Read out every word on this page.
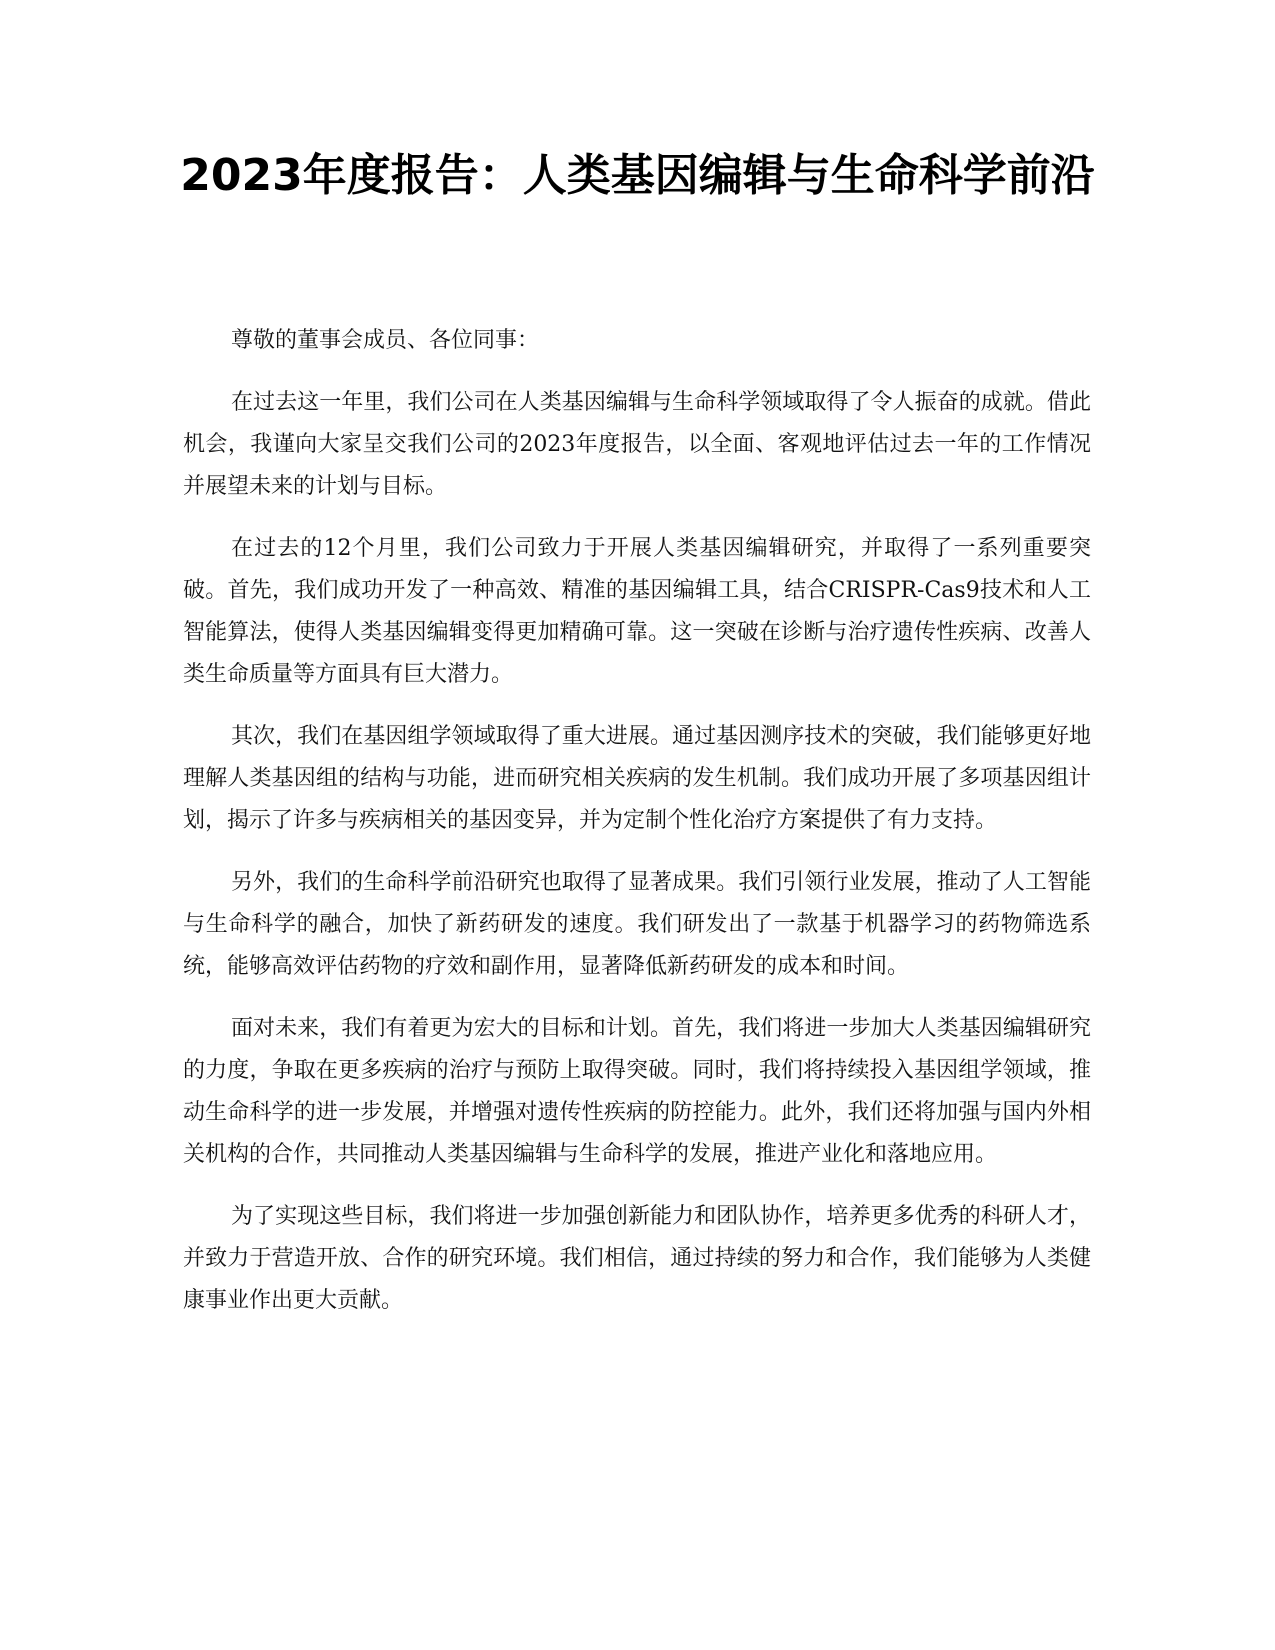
2023年度报告：人类基因编辑与生命科学前沿

尊敬的董事会成员、各位同事：

在过去这一年里，我们公司在人类基因编辑与生命科学领域取得了令人振奋的成就。借此机会，我谨向大家呈交我们公司的2023年度报告，以全面、客观地评估过去一年的工作情况并展望未来的计划与目标。

在过去的12个月里，我们公司致力于开展人类基因编辑研究，并取得了一系列重要突破。首先，我们成功开发了一种高效、精准的基因编辑工具，结合CRISPR-Cas9技术和人工智能算法，使得人类基因编辑变得更加精确可靠。这一突破在诊断与治疗遗传性疾病、改善人类生命质量等方面具有巨大潜力。

其次，我们在基因组学领域取得了重大进展。通过基因测序技术的突破，我们能够更好地理解人类基因组的结构与功能，进而研究相关疾病的发生机制。我们成功开展了多项基因组计划，揭示了许多与疾病相关的基因变异，并为定制个性化治疗方案提供了有力支持。

另外，我们的生命科学前沿研究也取得了显著成果。我们引领行业发展，推动了人工智能与生命科学的融合，加快了新药研发的速度。我们研发出了一款基于机器学习的药物筛选系统，能够高效评估药物的疗效和副作用，显著降低新药研发的成本和时间。

面对未来，我们有着更为宏大的目标和计划。首先，我们将进一步加大人类基因编辑研究的力度，争取在更多疾病的治疗与预防上取得突破。同时，我们将持续投入基因组学领域，推动生命科学的进一步发展，并增强对遗传性疾病的防控能力。此外，我们还将加强与国内外相关机构的合作，共同推动人类基因编辑与生命科学的发展，推进产业化和落地应用。

为了实现这些目标，我们将进一步加强创新能力和团队协作，培养更多优秀的科研人才，并致力于营造开放、合作的研究环境。我们相信，通过持续的努力和合作，我们能够为人类健康事业作出更大贡献。
